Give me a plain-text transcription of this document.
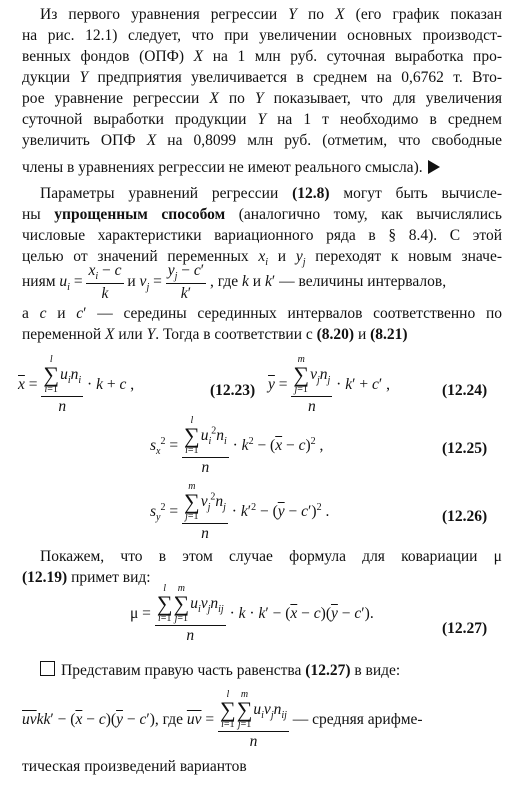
Из первого уравнения регрессии Y по X (его график показан
на рис. 12.1) следует, что при увеличении основных производст-
венных фондов (ОПФ) X на 1 млн руб. суточная выработка про-
дукции Y предприятия увеличивается в среднем на 0,6762 т. Вто-
рое уравнение регрессии X по Y показывает, что для увеличения
суточной выработки продукции Y на 1 т необходимо в среднем
увеличить ОПФ X на 0,8099 млн руб. (отметим, что свободные
члены в уравнениях регрессии не имеют реального смысла).
Параметры уравнений регрессии (12.8) могут быть вычисле-
ны упрощенным способом (аналогично тому, как вычислялись
числовые характеристики вариационного ряда в § 8.4). С этой
целью от значений переменных $x_i$ и $y_j$ переходят к новым значе-
ниям $u_i = \frac{x_i - c}{k}$ и $v_j = \frac{y_j - c'}{k'}$ , где k и k′ — величины интервалов,
а c и c′ — середины серединных интервалов соответственно по
переменной X или Y. Тогда в соответствии с (8.20) и (8.21)
$\overline{x} = l$
∑
i=1
$u_in_i$
n · k + c ,	(12.23) $\overline{y} = m$
∑
j=1
$v_jn_j$
n · k′ + c′ ,	(12.24)
$s_x^2 = l$
∑
i=1
$u_i^2n_i$
$n \cdot k^2 - (\overline{x} - c)^2$ ,	(12.25)
$s_y^2 = m$
∑
j=1
$v_j^2n_j$
$n \cdot k'^2 - (\overline{y} - c')^2$ .	(12.26)
Покажем, что в этом случае формула для ковариации μ
(12.19) примет вид:
μ = l
∑
i=1
m
∑
j=1
$u_iv_jn_{ij}$
$n \cdot k \cdot k' - (\overline{x} - c)(\overline{y} - c')$.
(12.27)
Представим правую часть равенства (12.27) в виде:
$\overline{uv}kk' - (\overline{x} - c)(\overline{y} - c')$, где $\overline{uv} = l$
∑
i=1
m
∑
j=1
$u_iv_jn_{ij}$
n — средняя арифме-
тическая произведений вариантов
